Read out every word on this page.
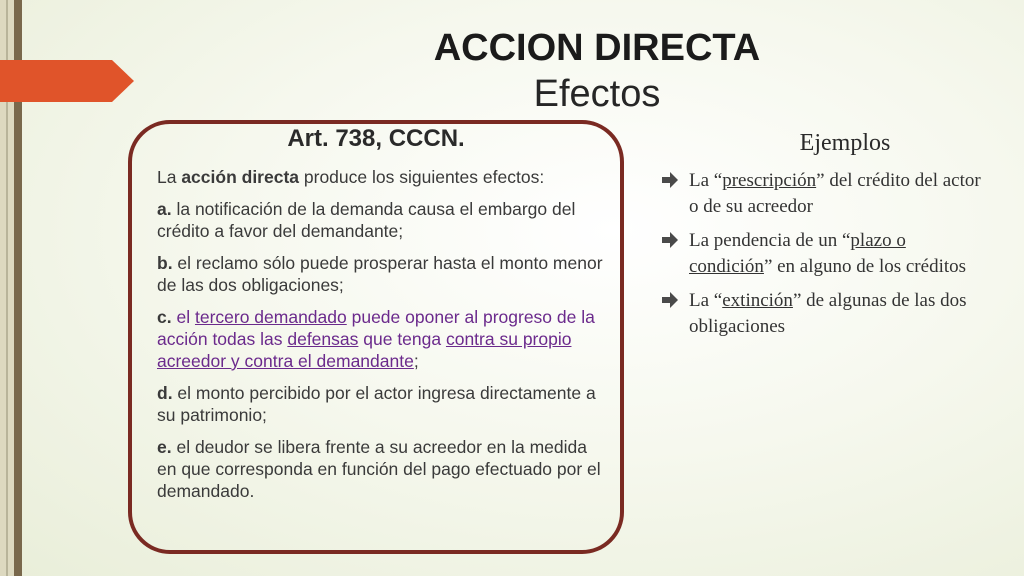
ACCION DIRECTA
Efectos
Art. 738, CCCN.

La acción directa produce los siguientes efectos:

a. la notificación de la demanda causa el embargo del crédito a favor del demandante;

b. el reclamo sólo puede prosperar hasta el monto menor de las dos obligaciones;

c. el tercero demandado puede oponer al progreso de la acción todas las defensas que tenga contra su propio acreedor y contra el demandante;

d. el monto percibido por el actor ingresa directamente a su patrimonio;

e. el deudor se libera frente a su acreedor en la medida en que corresponda en función del pago efectuado por el demandado.

Ejemplos
La “prescripción” del crédito del actor o de su acreedor
La pendencia de un “plazo o condición” en alguno de los créditos
La “extinción” de algunas de las dos obligaciones
